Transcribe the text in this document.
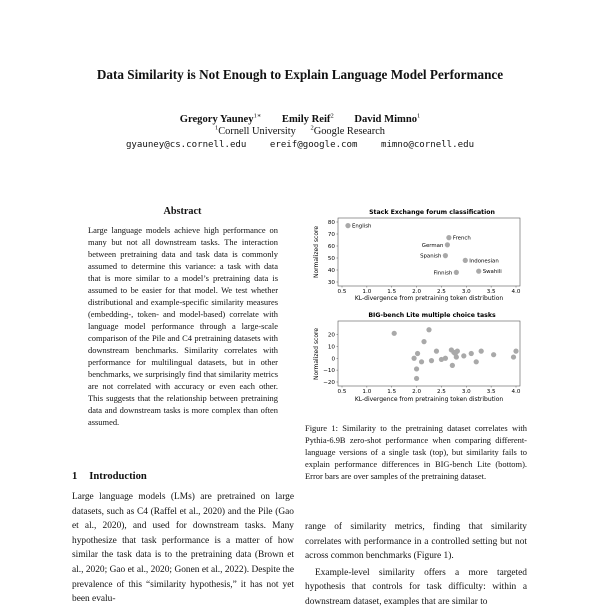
Data Similarity is Not Enough to Explain Language Model Performance
Gregory Yauney$^{1∗}$ Emily Reif$^2$ David Mimno$^1$
$^1$Cornell University $^2$Google Research
gyauney@cs.cornell.edu	ereif@google.com	mimno@cornell.edu
Abstract
Large language models achieve high performance on many but not all downstream tasks. The interaction between pretraining data and task data is commonly assumed to determine this variance: a task with data that is more similar to a model’s pretraining data is assumed to be easier for that model. We test whether distributional and example-specific similarity measures (embedding-, token- and model-based) correlate with language model performance through a large-scale comparison of the Pile and C4 pretraining datasets with downstream benchmarks. Similarity correlates with performance for multilingual datasets, but in other benchmarks, we surprisingly find that similarity metrics are not correlated with accuracy or even each other. This suggests that the relationship between pretraining data and downstream tasks is more complex than often assumed.
1 Introduction
Large language models (LMs) are pretrained on large datasets, such as C4 (Raffel et al., 2020) and the Pile (Gao et al., 2020), and used for downstream tasks. Many hypothesize that task performance is a matter of how similar the task data is to the pretraining data (Brown et al., 2020; Gao et al., 2020; Gonen et al., 2022). Despite the prevalence of this “similarity hypothesis,” it has not yet been evalu-
Stack Exchange forum classification
30
40
50
60
70
80
0.5	1.0	1.5	2.0	2.5	3.0	3.5	4.0
English
French
German
Spanish
Indonesian
Finnish	Swahili
KL-divergence from pretraining token distribution
Normalized score
BIG-bench Lite multiple choice tasks
20
10
0
−10
−20
0.5	1.0	1.5	2.0	2.5	3.0	3.5	4.0
KL-divergence from pretraining token distribution
Normalized score
Figure 1: Similarity to the pretraining dataset correlates with Pythia-6.9B zero-shot performance when comparing different-language versions of a single task (top), but similarity fails to explain performance differences in BIG-bench Lite (bottom). Error bars are over samples of the pretraining dataset.

range of similarity metrics, finding that similarity correlates with performance in a controlled setting but not across common benchmarks (Figure 1).

Example-level similarity offers a more targeted hypothesis that controls for task difficulty: within a downstream dataset, examples that are similar to
